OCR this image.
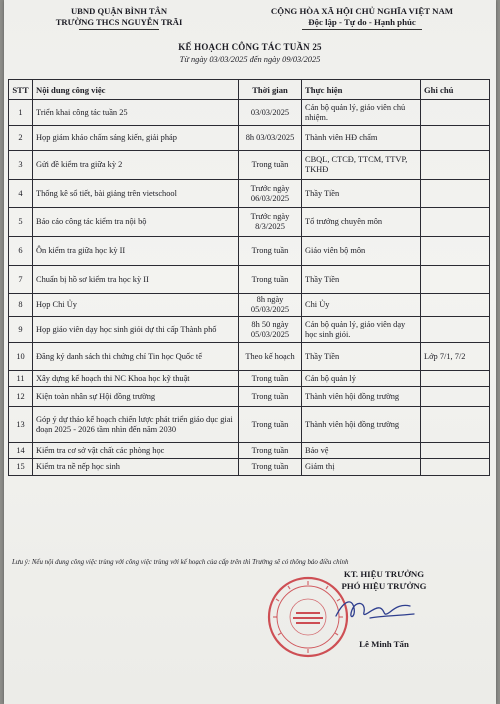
UBND QUẬN BÌNH TÂN
TRƯỜNG THCS NGUYỄN TRÃI
CỘNG HÒA XÃ HỘI CHỦ NGHĨA VIỆT NAM
Độc lập - Tự do - Hạnh phúc
KẾ HOẠCH CÔNG TÁC TUẦN 25
Từ ngày 03/03/2025 đến ngày 09/03/2025
STT	Nội dung công việc	Thời gian	Thực hiện	Ghi chú
1	Triển khai công tác tuần 25	03/03/2025	Cán bộ quản lý, giáo viên chủ nhiệm.	
2	Họp giám khảo chấm sáng kiến, giải pháp	8h 03/03/2025	Thành viên HĐ chấm	
3	Gửi đề kiểm tra giữa kỳ 2	Trong tuần	CBQL, CTCĐ, TTCM, TTVP, TKHĐ	
4	Thống kê sổ tiết, bài giảng trên vietschool	Trước ngày 06/03/2025	Thầy Tiền	
5	Báo cáo công tác kiểm tra nội bộ	Trước ngày 8/3/2025	Tổ trưởng chuyên môn	
6	Ôn kiểm tra giữa học kỳ II	Trong tuần	Giáo viên bộ môn	
7	Chuẩn bị hồ sơ kiểm tra học kỳ II	Trong tuần	Thầy Tiền	
8	Họp Chi Ủy	8h ngày 05/03/2025	Chi Ủy	
9	Họp giáo viên dạy học sinh giỏi dự thi cấp Thành phố	8h 50 ngày 05/03/2025	Cán bộ quản lý, giáo viên dạy học sinh giỏi.	
10	Đăng ký danh sách thi chứng chỉ Tin học Quốc tế	Theo kế hoạch	Thầy Tiền	Lớp 7/1, 7/2
11	Xây dựng kế hoạch thi NC Khoa học kỹ thuật	Trong tuần	Cán bộ quản lý	
12	Kiện toàn nhân sự Hội đồng trường	Trong tuần	Thành viên hội đồng trường	
13	Góp ý dự thảo kế hoạch chiến lược phát triển giáo dục giai đoạn 2025 - 2026 tầm nhìn đến năm 2030	Trong tuần	Thành viên hội đồng trường	
14	Kiểm tra cơ sở vật chất các phòng học	Trong tuần	Bảo vệ	
15	Kiểm tra nề nếp học sinh	Trong tuần	Giám thị	
Lưu ý: Nếu nội dung công việc trùng với công việc trùng với kế hoạch của cấp trên thì Trường sẽ có thông báo điều chỉnh
KT. HIỆU TRƯỞNG
PHÓ HIỆU TRƯỞNG
Lê Minh Tấn
